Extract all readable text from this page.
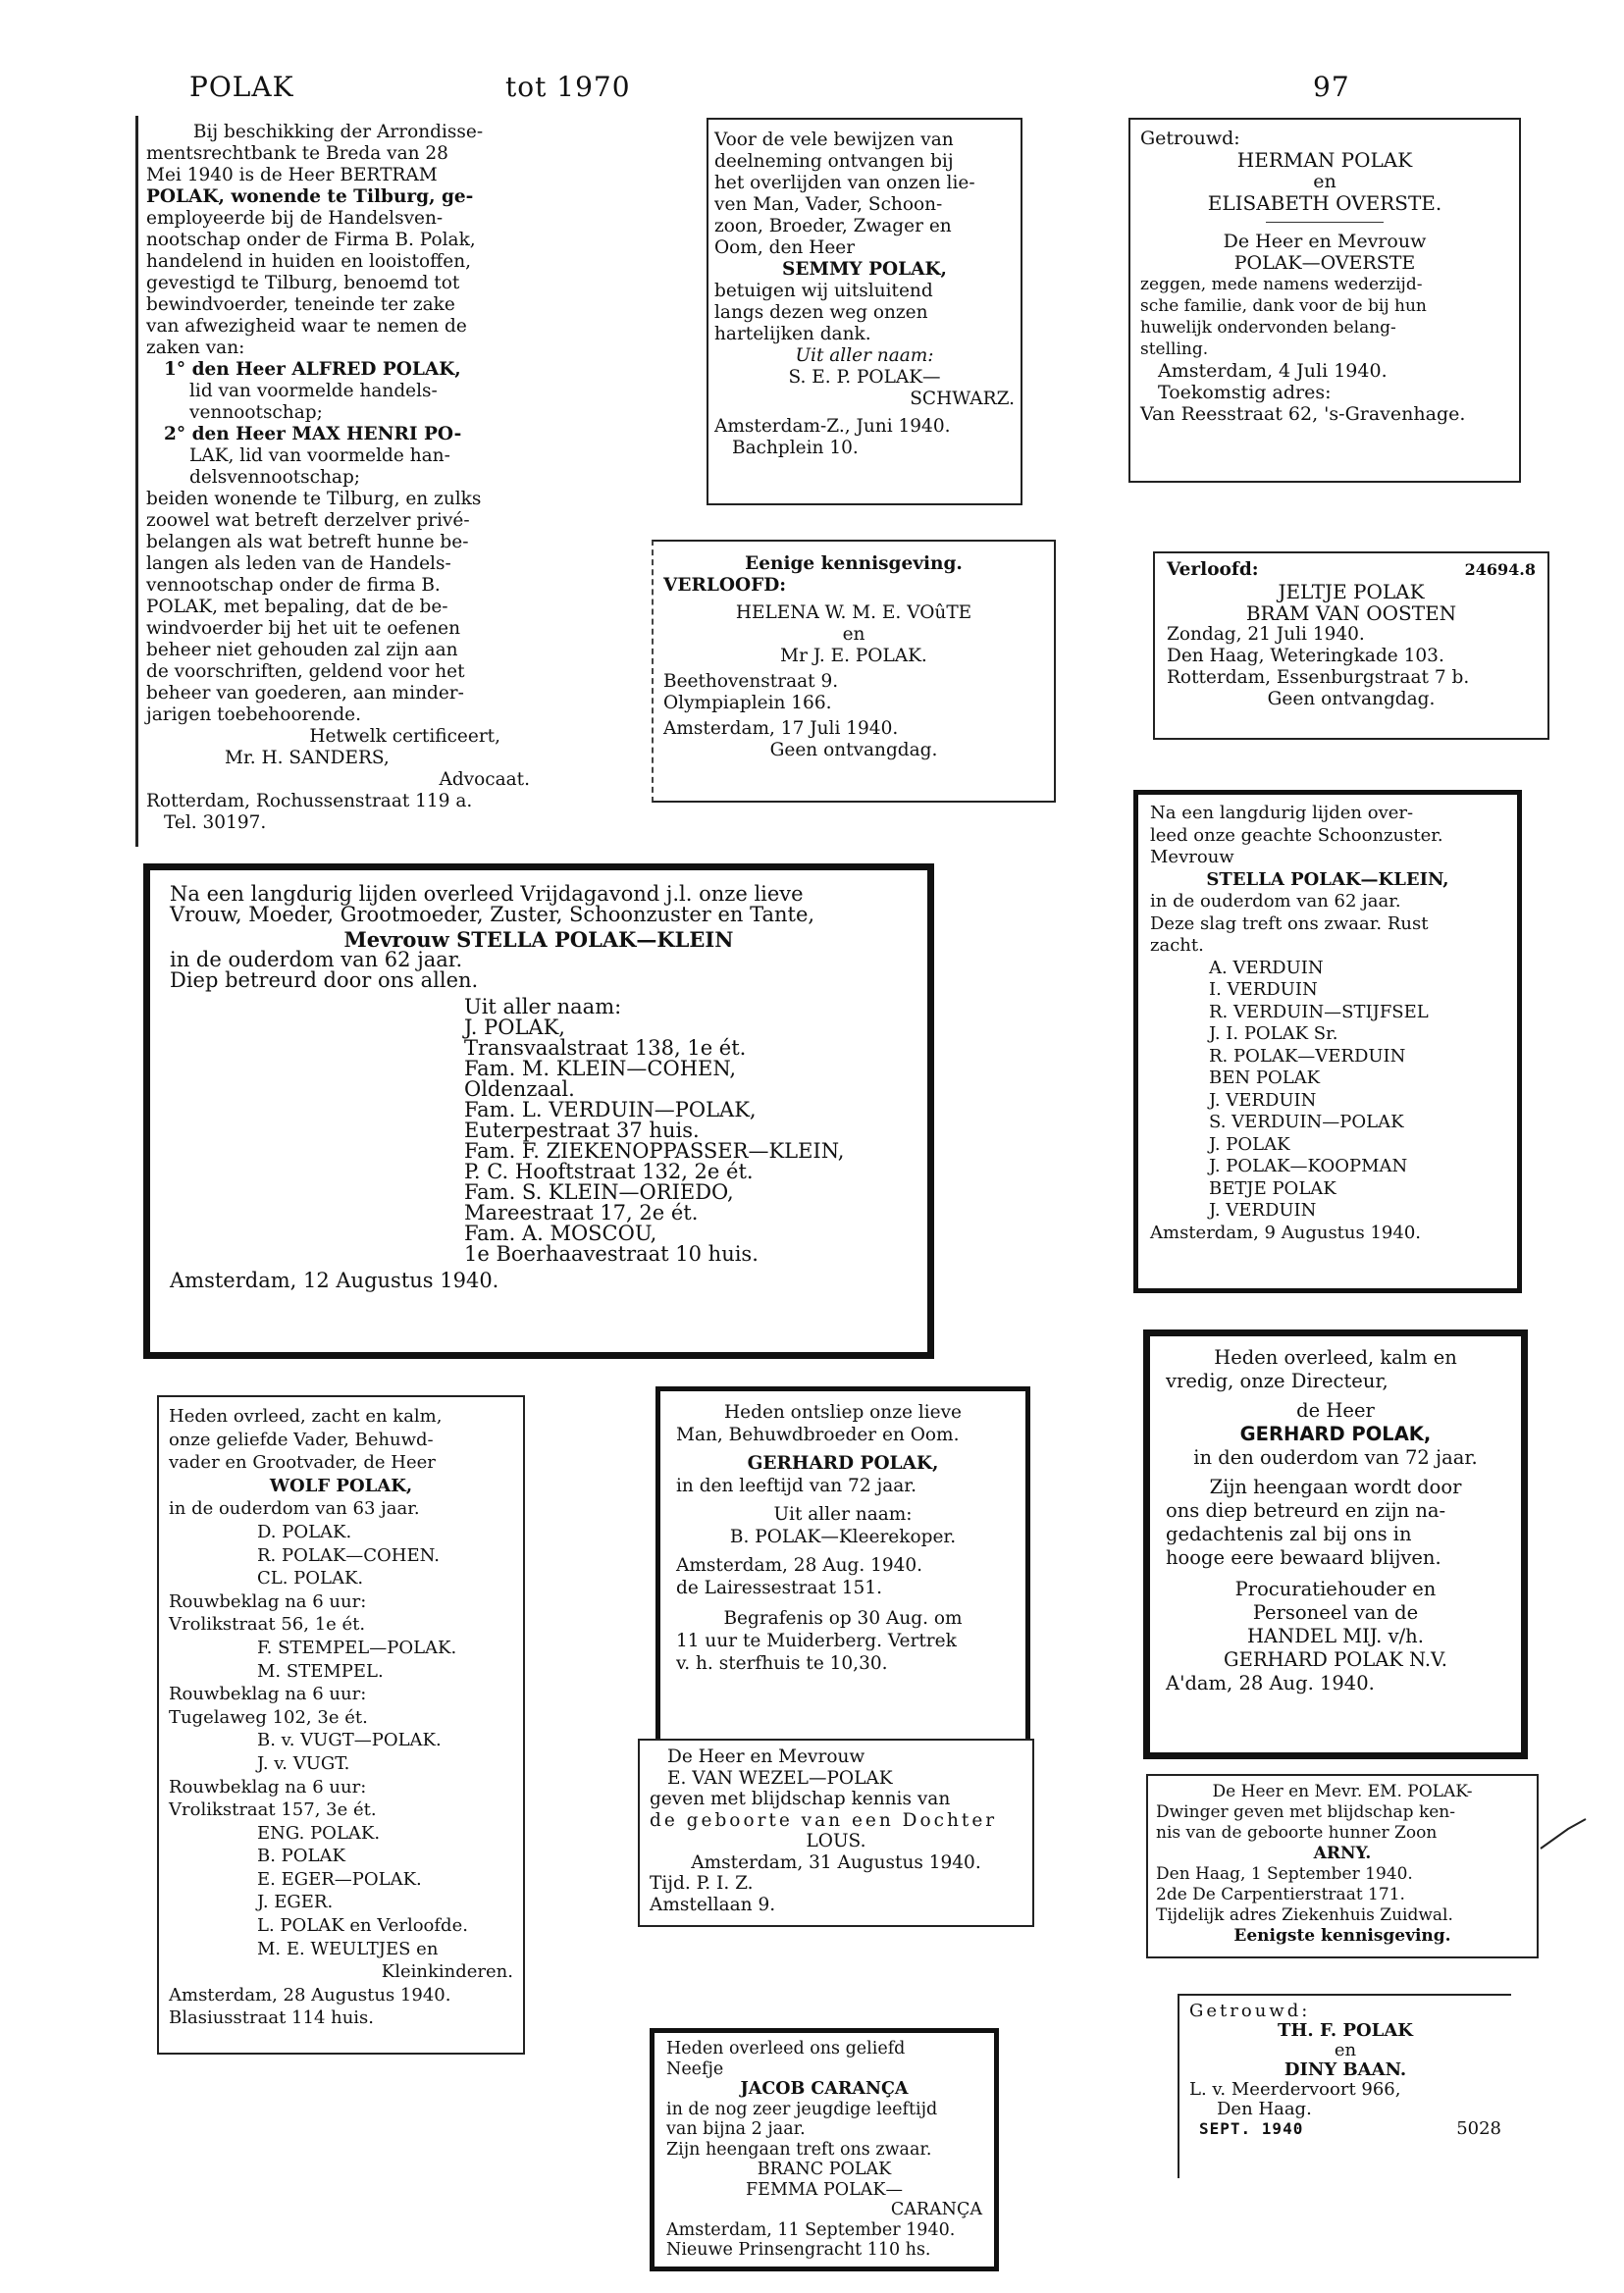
POLAK	tot 1970	97
Bij beschikking der Arrondisse-
mentsrechtbank te Breda van 28
Mei 1940 is de Heer BERTRAM
POLAK, wonende te Tilburg, ge-
employeerde bij de Handelsven-
nootschap onder de Firma B. Polak,
handelend in huiden en looistoffen,
gevestigd te Tilburg, benoemd tot
bewindvoerder, teneinde ter zake
van afwezigheid waar te nemen de
zaken van:
1° den Heer ALFRED POLAK,
lid van voormelde handels-
vennootschap;
2° den Heer MAX HENRI PO-
LAK, lid van voormelde han-
delsvennootschap;
beiden wonende te Tilburg, en zulks
zoowel wat betreft derzelver privé-
belangen als wat betreft hunne be-
langen als leden van de Handels-
vennootschap onder de firma B.
POLAK, met bepaling, dat de be-
windvoerder bij het uit te oefenen
beheer niet gehouden zal zijn aan
de voorschriften, geldend voor het
beheer van goederen, aan minder-
jarigen toebehoorende.
Hetwelk certificeert,
Mr. H. SANDERS,
Advocaat.
Rotterdam, Rochussenstraat 119 a.
Tel. 30197.
Voor de vele bewijzen van
deelneming ontvangen bij
het overlijden van onzen lie-
ven Man, Vader, Schoon-
zoon, Broeder, Zwager en
Oom, den Heer
SEMMY POLAK,
betuigen wij uitsluitend
langs dezen weg onzen
hartelijken dank.
Uit aller naam:
S. E. P. POLAK—
SCHWARZ.
Amsterdam-Z., Juni 1940.
Bachplein 10.
Getrouwd:
HERMAN POLAK
en
ELISABETH OVERSTE.
De Heer en Mevrouw
POLAK—OVERSTE
zeggen, mede namens wederzijd-
sche familie, dank voor de bij hun
huwelijk ondervonden belang-
stelling.
Amsterdam, 4 Juli 1940.
Toekomstig adres:
Van Reesstraat 62, 's-Gravenhage.
Eenige kennisgeving.
VERLOOFD:
HELENA W. M. E. VOûTE
en
Mr J. E. POLAK.
Beethovenstraat 9.
Olympiaplein 166.
Amsterdam, 17 Juli 1940.
Geen ontvangdag.
Verloofd:	24694.8
JELTJE POLAK
BRAM VAN OOSTEN
Zondag, 21 Juli 1940.
Den Haag, Weteringkade 103.
Rotterdam, Essenburgstraat 7 b.
Geen ontvangdag.
Na een langdurig lijden overleed Vrijdagavond j.l. onze lieve
Vrouw, Moeder, Grootmoeder, Zuster, Schoonzuster en Tante,
Mevrouw STELLA POLAK—KLEIN
in de ouderdom van 62 jaar.
Diep betreurd door ons allen.
Uit aller naam:
J. POLAK,
Transvaalstraat 138, 1e ét.
Fam. M. KLEIN—COHEN,
Oldenzaal.
Fam. L. VERDUIN—POLAK,
Euterpestraat 37 huis.
Fam. F. ZIEKENOPPASSER—KLEIN,
P. C. Hooftstraat 132, 2e ét.
Fam. S. KLEIN—ORIEDO,
Mareestraat 17, 2e ét.
Fam. A. MOSCOU,
1e Boerhaavestraat 10 huis.
Amsterdam, 12 Augustus 1940.
Na een langdurig lijden over-
leed onze geachte Schoonzuster.
Mevrouw
STELLA POLAK—KLEIN,
in de ouderdom van 62 jaar.
Deze slag treft ons zwaar. Rust
zacht.
A. VERDUIN
I. VERDUIN
R. VERDUIN—STIJFSEL
J. I. POLAK Sr.
R. POLAK—VERDUIN
BEN POLAK
J. VERDUIN
S. VERDUIN—POLAK
J. POLAK
J. POLAK—KOOPMAN
BETJE POLAK
J. VERDUIN
Amsterdam, 9 Augustus 1940.
Heden ovrleed, zacht en kalm,
onze geliefde Vader, Behuwd-
vader en Grootvader, de Heer
WOLF POLAK,
in de ouderdom van 63 jaar.
D. POLAK.
R. POLAK—COHEN.
CL. POLAK.
Rouwbeklag na 6 uur:
Vrolikstraat 56, 1e ét.
F. STEMPEL—POLAK.
M. STEMPEL.
Rouwbeklag na 6 uur:
Tugelaweg 102, 3e ét.
B. v. VUGT—POLAK.
J. v. VUGT.
Rouwbeklag na 6 uur:
Vrolikstraat 157, 3e ét.
ENG. POLAK.
B. POLAK
E. EGER—POLAK.
J. EGER.
L. POLAK en Verloofde.
M. E. WEULTJES en
Kleinkinderen.
Amsterdam, 28 Augustus 1940.
Blasiusstraat 114 huis.
Heden ontsliep onze lieve
Man, Behuwdbroeder en Oom.
GERHARD POLAK,
in den leeftijd van 72 jaar.
Uit aller naam:
B. POLAK—Kleerekoper.
Amsterdam, 28 Aug. 1940.
de Lairessestraat 151.
Begrafenis op 30 Aug. om
11 uur te Muiderberg. Vertrek
v. h. sterfhuis te 10,30.
Heden overleed, kalm en
vredig, onze Directeur,
de Heer
GERHARD POLAK,
in den ouderdom van 72 jaar.
Zijn heengaan wordt door
ons diep betreurd en zijn na-
gedachtenis zal bij ons in
hooge eere bewaard blijven.
Procuratiehouder en
Personeel van de
HANDEL MIJ. v/h.
GERHARD POLAK N.V.
A'dam, 28 Aug. 1940.
De Heer en Mevrouw
E. VAN WEZEL—POLAK
geven met blijdschap kennis van
de geboorte van een Dochter
LOUS.
Amsterdam, 31 Augustus 1940.
Tijd. P. I. Z.
Amstellaan 9.
De Heer en Mevr. EM. POLAK-
Dwinger geven met blijdschap ken-
nis van de geboorte hunner Zoon
ARNY.
Den Haag, 1 September 1940.
2de De Carpentierstraat 171.
Tijdelijk adres Ziekenhuis Zuidwal.
Eenigste kennisgeving.
Heden overleed ons geliefd
Neefje
JACOB CARANÇA
in de nog zeer jeugdige leeftijd
van bijna 2 jaar.
Zijn heengaan treft ons zwaar.
BRANC POLAK
FEMMA POLAK—
CARANÇA
Amsterdam, 11 September 1940.
Nieuwe Prinsengracht 110 hs.
Getrouwd:
TH. F. POLAK
en
DINY BAAN.
L. v. Meerdervoort 966,
Den Haag.
SEPT. 1940	5028
